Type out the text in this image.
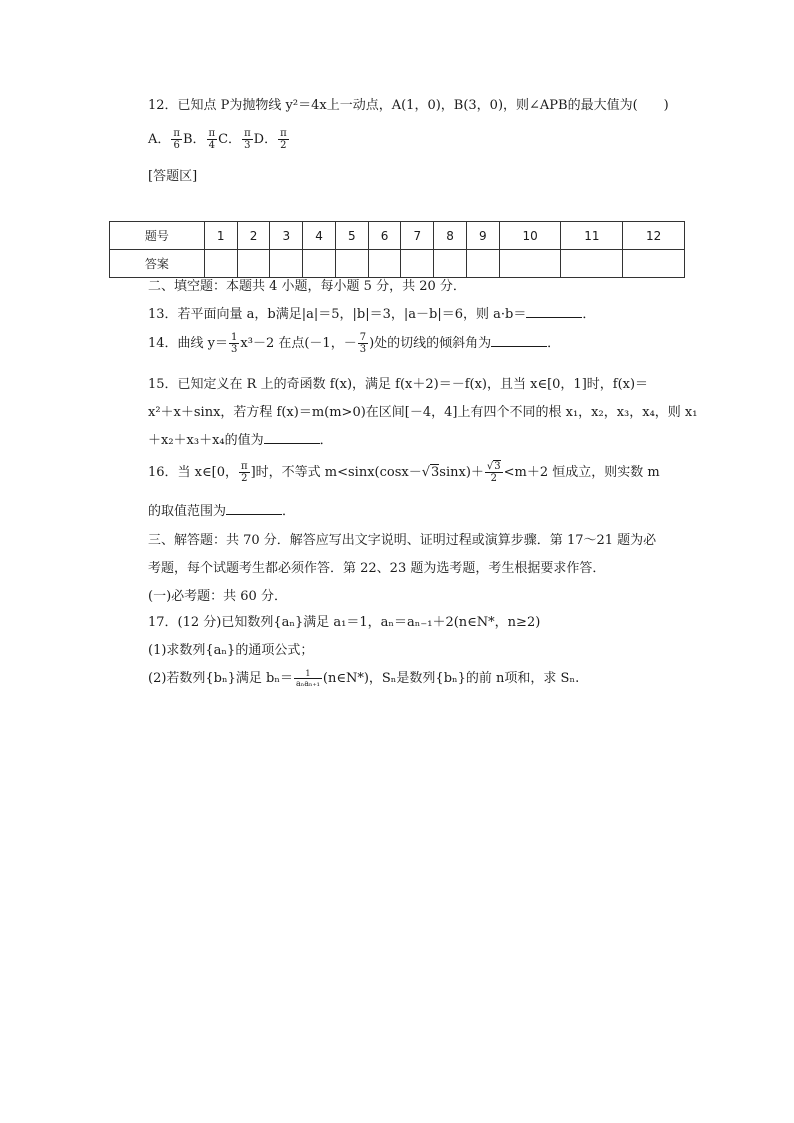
12．已知点 P为抛物线 y²＝4x上一动点，A(1，0)，B(3，0)，则∠APB的最大值为(　　)
A． $\frac{\pi}{6}$ B． $\frac{\pi}{4}$ C． $\frac{\pi}{3}$ D． $\frac{\pi}{2}$
[答题区]
题号	1	2	3	4	5	6	7	8	9	10	11	12
答案												
二、填空题：本题共 4 小题，每小题 5 分，共 20 分．
13．若平面向量 a，b满足|a|＝5，|b|＝3，|a－b|＝6，则 a·b＝	．
14．曲线 $y= \frac{1}{3} x^3-2$ 在点(－1，－ $\frac{7}{3}$ )处的切线的倾斜角为	．
15．已知定义在 R 上的奇函数 f(x)，满足 f(x＋2)＝－f(x)，且当 x∈[0，1]时，f(x)＝
x²＋x＋sinx，若方程 f(x)＝m(m>0)在区间[－4，4]上有四个不同的根 x₁，x₂，x₃，x₄，则 x₁
＋x₂＋x₃＋x₄的值为	．
16．当 x∈[0， $\frac{\pi}{2}$ ]时，不等式 $m<\sin x(\cos x-√3\sin x)+ \frac{√3}{2} <m+2$ 恒成立，则实数 m
的取值范围为	．
三、解答题：共 70 分．解答应写出文字说明、证明过程或演算步骤．第 17～21 题为必
考题，每个试题考生都必须作答．第 22、23 题为选考题，考生根据要求作答．
(一)必考题：共 60 分．
17．(12 分)已知数列{aₙ}满足 a₁＝1，aₙ＝aₙ₋₁＋2(n∈N*，n≥2)
(1)求数列{aₙ}的通项公式；
(2)若数列{bₙ}满足 $b_n= \frac{1}{\text{aₙaₙ₊₁}}$ (n∈N*)，Sₙ是数列{bₙ}的前 n项和，求 Sₙ.
